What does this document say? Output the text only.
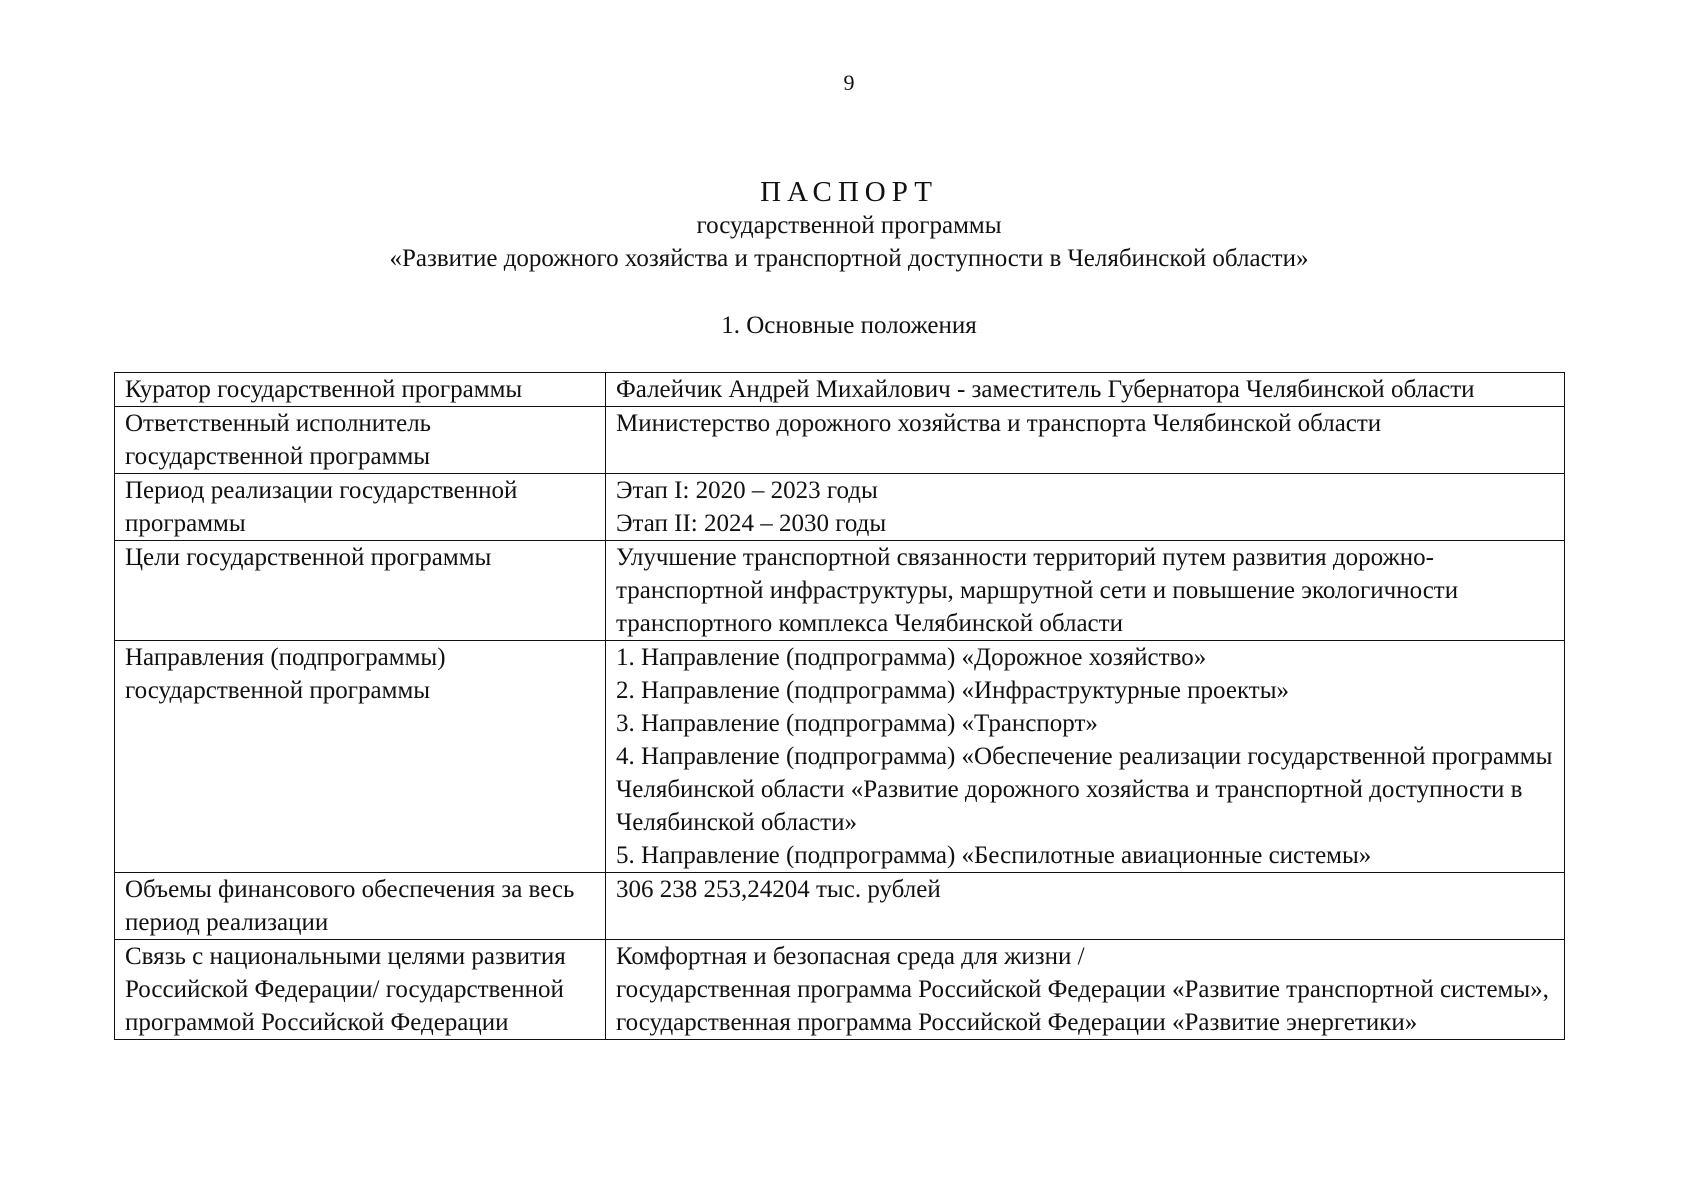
9
ПАСПОРТ
государственной программы
«Развитие дорожного хозяйства и транспортной доступности в Челябинской области»
1. Основные положения
Куратор государственной программы	Фалейчик Андрей Михайлович - заместитель Губернатора Челябинской области

Ответственный исполнитель государственной программы	Министерство дорожного хозяйства и транспорта Челябинской области

Период реализации государственной программы	Этап I: 2020 – 2023 годы
Этап II: 2024 – 2030 годы

Цели государственной программы	Улучшение транспортной связанности территорий путем развития дорожно-транспортной инфраструктуры, маршрутной сети и повышение экологичности транспортного комплекса Челябинской области

Направления (подпрограммы) государственной программы	1. Направление (подпрограмма) «Дорожное хозяйство»
2. Направление (подпрограмма) «Инфраструктурные проекты»
3. Направление (подпрограмма) «Транспорт»
4. Направление (подпрограмма) «Обеспечение реализации государственной программы Челябинской области «Развитие дорожного хозяйства и транспортной доступности в Челябинской области»
5. Направление (подпрограмма) «Беспилотные авиационные системы»

Объемы финансового обеспечения за весь период реализации	306 238 253,24204 тыс. рублей

Связь с национальными целями развития Российской Федерации/ государственной программой Российской Федерации	Комфортная и безопасная среда для жизни /
государственная программа Российской Федерации «Развитие транспортной системы», государственная программа Российской Федерации «Развитие энергетики»
